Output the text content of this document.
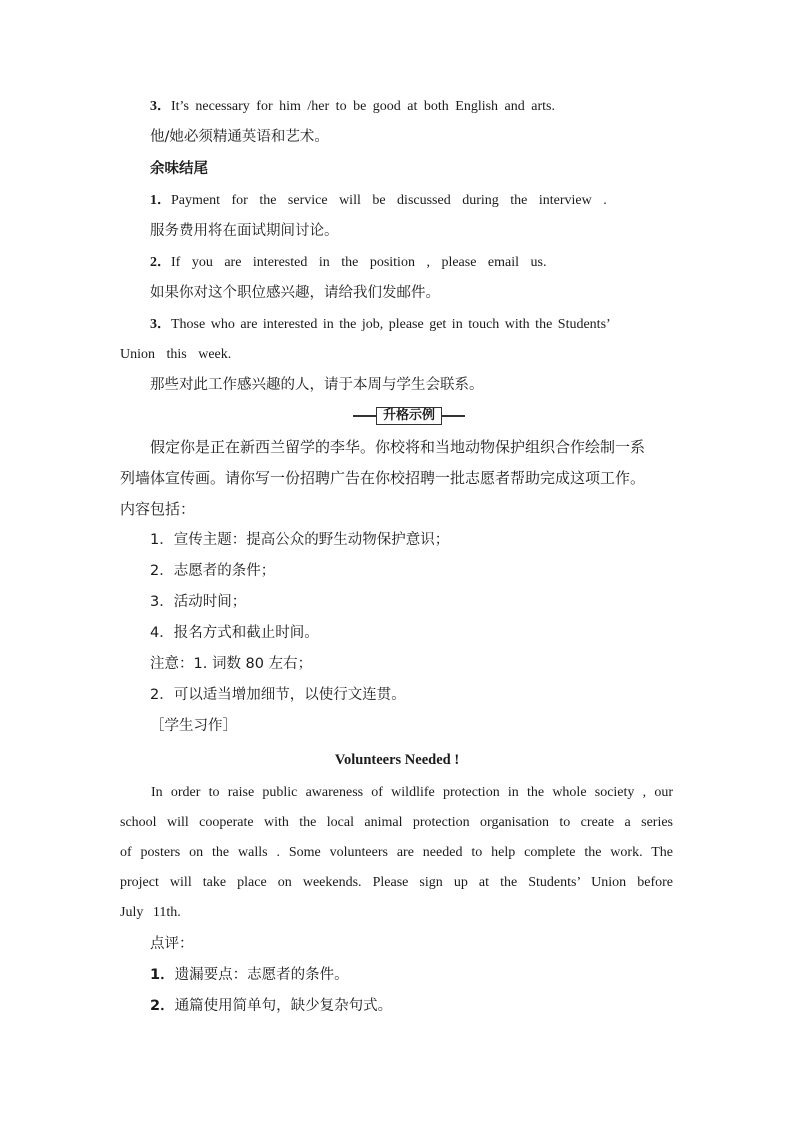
3．It’s necessary for him /her to be good at both English and arts.
他/她必须精通英语和艺术。
余味结尾
1．Payment for the service will be discussed during the interview .
服务费用将在面试期间讨论。
2．If you are interested in the position , please email us.
如果你对这个职位感兴趣，请给我们发邮件。
3．Those who are interested in the job, please get in touch with the Students’
Union this week.
那些对此工作感兴趣的人，请于本周与学生会联系。
升格示例
假定你是正在新西兰留学的李华。你校将和当地动物保护组织合作绘制一系
列墙体宣传画。请你写一份招聘广告在你校招聘一批志愿者帮助完成这项工作。
内容包括：
1．宣传主题：提高公众的野生动物保护意识；
2．志愿者的条件；
3．活动时间；
4．报名方式和截止时间。
注意：1. 词数 80 左右；
2．可以适当增加细节，以使行文连贯。
［学生习作］
Volunteers Needed !
In order to raise public awareness of wildlife protection in the whole society , our
school will cooperate with the local animal protection organisation to create a series
of posters on the walls . Some volunteers are needed to help complete the work. The
project will take place on weekends. Please sign up at the Students’ Union before
July 11th.
点评：
1．遗漏要点：志愿者的条件。
2．通篇使用简单句，缺少复杂句式。
